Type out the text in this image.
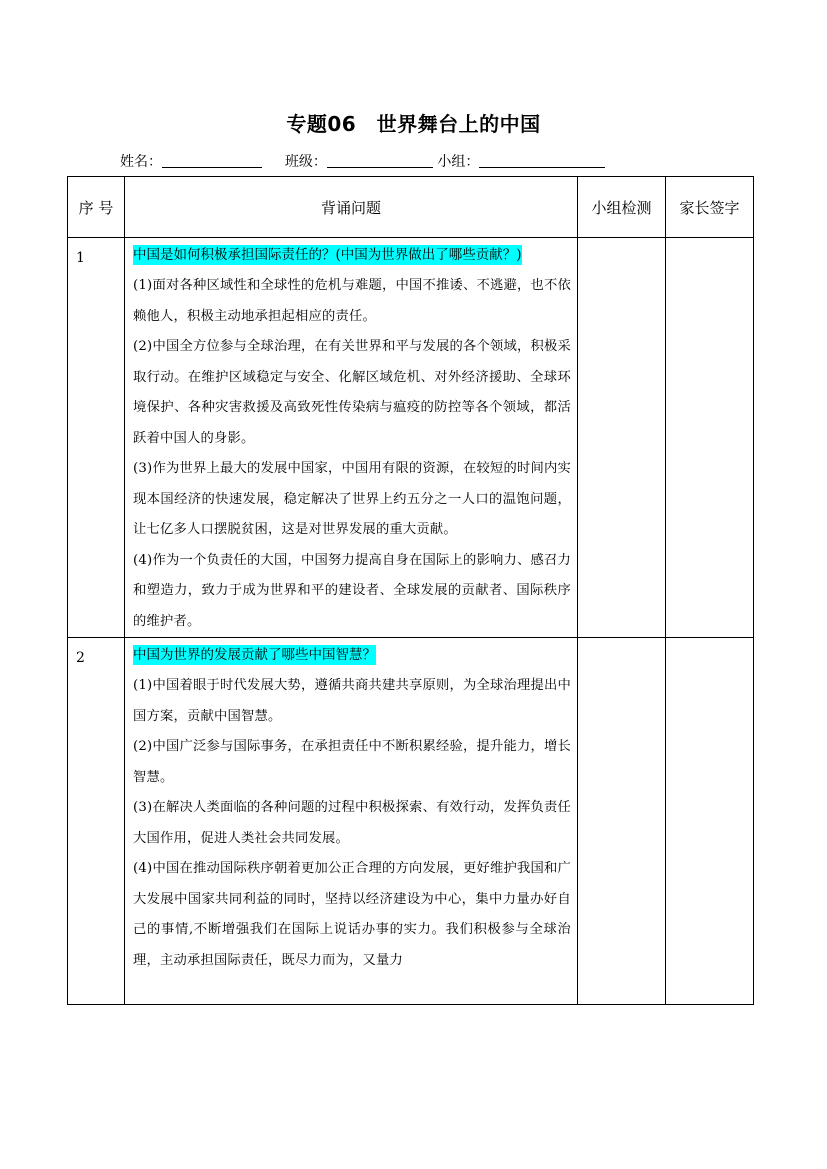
专题06　世界舞台上的中国
姓名：	班级：	小组：
序 号	背诵问题	小组检测	家长签字
1	中国是如何积极承担国际责任的？(中国为世界做出了哪些贡献？)
(1)面对各种区域性和全球性的危机与难题，中国不推诿、不逃避，也不依赖他人，积极主动地承担起相应的责任。
(2)中国全方位参与全球治理，在有关世界和平与发展的各个领域，积极采取行动。在维护区域稳定与安全、化解区域危机、对外经济援助、全球环境保护、各种灾害救援及高致死性传染病与瘟疫的防控等各个领域，都活跃着中国人的身影。
(3)作为世界上最大的发展中国家，中国用有限的资源，在较短的时间内实现本国经济的快速发展，稳定解决了世界上约五分之一人口的温饱问题，让七亿多人口摆脱贫困，这是对世界发展的重大贡献。
(4)作为一个负责任的大国，中国努力提高自身在国际上的影响力、感召力和塑造力，致力于成为世界和平的建设者、全球发展的贡献者、国际秩序的维护者。		

2	中国为世界的发展贡献了哪些中国智慧？
(1)中国着眼于时代发展大势，遵循共商共建共享原则，为全球治理提出中国方案，贡献中国智慧。
(2)中国广泛参与国际事务，在承担责任中不断积累经验，提升能力，增长智慧。
(3)在解决人类面临的各种问题的过程中积极探索、有效行动，发挥负责任大国作用，促进人类社会共同发展。
(4)中国在推动国际秩序朝着更加公正合理的方向发展，更好维护我国和广大发展中国家共同利益的同时，坚持以经济建设为中心，集中力量办好自己的事情,不断增强我们在国际上说话办事的实力。我们积极参与全球治理，主动承担国际责任，既尽力而为，又量力		
